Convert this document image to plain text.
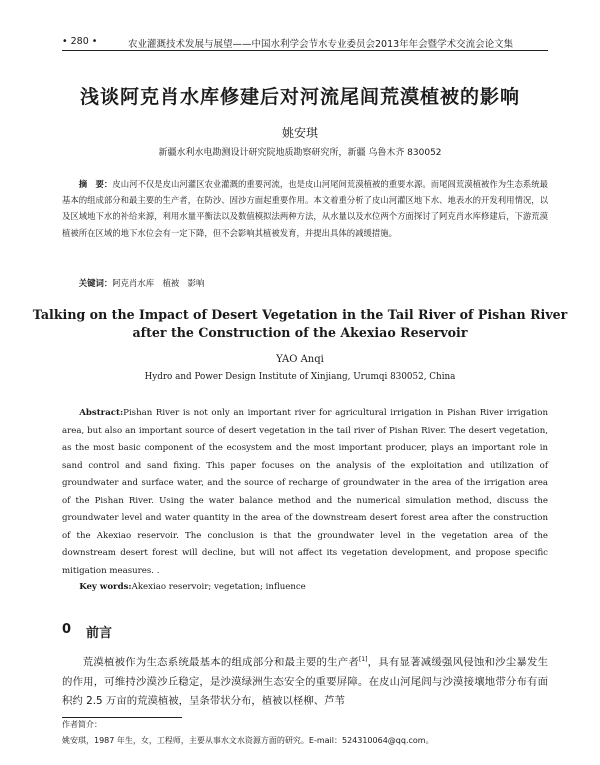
• 280 •	农业灌溉技术发展与展望——中国水利学会节水专业委员会2013年年会暨学术交流会论文集
浅谈阿克肖水库修建后对河流尾闾荒漠植被的影响
姚安琪
新疆水利水电勘测设计研究院地质勘察研究所，新疆 乌鲁木齐 830052
摘　要：皮山河不仅是皮山河灌区农业灌溉的重要河流，也是皮山河尾间荒漠植被的重要水源。而尾闾荒漠植被作为生态系统最基本的组成部分和最主要的生产者，在防沙、固沙方面起重要作用。本文着重分析了皮山河灌区地下水、地表水的开发利用情况，以及区域地下水的补给来源，利用水量平衡法以及数值模拟法两种方法，从水量以及水位两个方面探讨了阿克肖水库修建后，下游荒漠植被所在区域的地下水位会有一定下降，但不会影响其植被发育，并提出具体的减缓措施。
关键词：阿克肖水库　植被　影响
Talking on the Impact of Desert Vegetation in the Tail River of Pishan River after the Construction of the Akexiao Reservoir
YAO Anqi
Hydro and Power Design Institute of Xinjiang, Urumqi 830052, China
Abstract:Pishan River is not only an important river for agricultural irrigation in Pishan River irrigation area, but also an important source of desert vegetation in the tail river of Pishan River. The desert vegetation, as the most basic component of the ecosystem and the most important producer, plays an important role in sand control and sand fixing. This paper focuses on the analysis of the exploitation and utilization of groundwater and surface water, and the source of recharge of groundwater in the area of the irrigation area of the Pishan River. Using the water balance method and the numerical simulation method, discuss the groundwater level and water quantity in the area of the downstream desert forest area after the construction of the Akexiao reservoir. The conclusion is that the groundwater level in the vegetation area of the downstream desert forest will decline, but will not affect its vegetation development, and propose specific mitigation measures. .
Key words:Akexiao reservoir; vegetation; influence
0 前言
荒漠植被作为生态系统最基本的组成部分和最主要的生产者[1]，具有显著减缓强风侵蚀和沙尘暴发生的作用，可维持沙漠沙丘稳定，是沙漠绿洲生态安全的重要屏障。在皮山河尾闾与沙漠接壤地带分布有面积约 2.5 万亩的荒漠植被，呈条带状分布，植被以柽柳、芦苇
作者简介：
姚安琪，1987 年生，女，工程师，主要从事水文水资源方面的研究。E-mail：524310064@qq.com。
